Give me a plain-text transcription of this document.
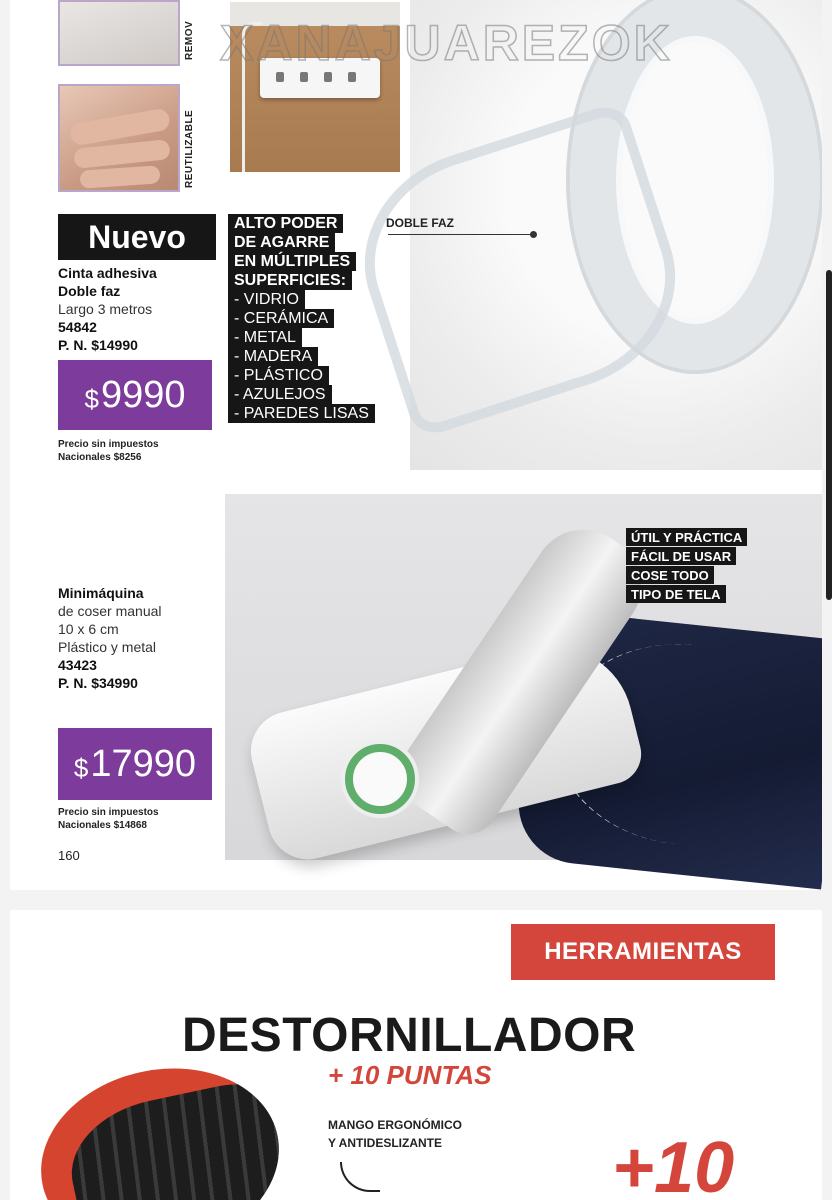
REMOV
REUTILIZABLE
XANAJUAREZOK
Nuevo
Cinta adhesiva
Doble faz
Largo 3 metros
54842
P. N. $14990
$ 9990
Precio sin impuestos
Nacionales $8256
ALTO PODER
DE AGARRE
EN MÚLTIPLES
SUPERFICIES:
- VIDRIO
- CERÁMICA
- METAL
- MADERA
- PLÁSTICO
- AZULEJOS
- PAREDES LISAS
DOBLE FAZ
Minimáquina
de coser manual
10 x 6 cm
Plástico y metal
43423
P. N. $34990
$ 17990
Precio sin impuestos
Nacionales $14868
ÚTIL Y PRÁCTICA
FÁCIL DE USAR
COSE TODO
TIPO DE TELA
160
HERRAMIENTAS
DESTORNILLADOR
+ 10 PUNTAS
MANGO ERGONÓMICO
Y ANTIDESLIZANTE +10
